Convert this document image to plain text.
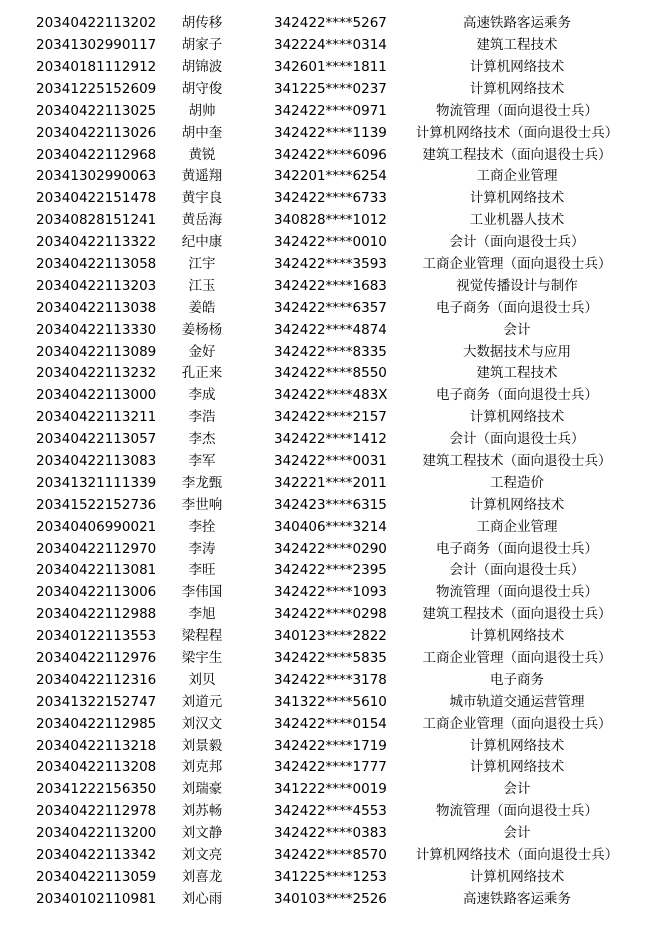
20340422113202	胡传移	342422****5267	高速铁路客运乘务
20341302990117	胡家子	342224****0314	建筑工程技术
20340181112912	胡锦波	342601****1811	计算机网络技术
20341225152609	胡守俊	341225****0237	计算机网络技术
20340422113025	胡帅	342422****0971	物流管理（面向退役士兵）
20340422113026	胡中奎	342422****1139	计算机网络技术（面向退役士兵）
20340422112968	黄锐	342422****6096	建筑工程技术（面向退役士兵）
20341302990063	黄遥翔	342201****6254	工商企业管理
20340422151478	黄宇良	342422****6733	计算机网络技术
20340828151241	黄岳海	340828****1012	工业机器人技术
20340422113322	纪中康	342422****0010	会计（面向退役士兵）
20340422113058	江宇	342422****3593	工商企业管理（面向退役士兵）
20340422113203	江玉	342422****1683	视觉传播设计与制作
20340422113038	姜皓	342422****6357	电子商务（面向退役士兵）
20340422113330	姜杨杨	342422****4874	会计
20340422113089	金好	342422****8335	大数据技术与应用
20340422113232	孔正来	342422****8550	建筑工程技术
20340422113000	李成	342422****483X	电子商务（面向退役士兵）
20340422113211	李浩	342422****2157	计算机网络技术
20340422113057	李杰	342422****1412	会计（面向退役士兵）
20340422113083	李军	342422****0031	建筑工程技术（面向退役士兵）
20341321111339	李龙甄	342221****2011	工程造价
20341522152736	李世响	342423****6315	计算机网络技术
20340406990021	李拴	340406****3214	工商企业管理
20340422112970	李涛	342422****0290	电子商务（面向退役士兵）
20340422113081	李旺	342422****2395	会计（面向退役士兵）
20340422113006	李伟国	342422****1093	物流管理（面向退役士兵）
20340422112988	李旭	342422****0298	建筑工程技术（面向退役士兵）
20340122113553	梁程程	340123****2822	计算机网络技术
20340422112976	梁宇生	342422****5835	工商企业管理（面向退役士兵）
20340422112316	刘贝	342422****3178	电子商务
20341322152747	刘道元	341322****5610	城市轨道交通运营管理
20340422112985	刘汉文	342422****0154	工商企业管理（面向退役士兵）
20340422113218	刘景毅	342422****1719	计算机网络技术
20340422113208	刘克邦	342422****1777	计算机网络技术
20341222156350	刘瑞豪	341222****0019	会计
20340422112978	刘苏畅	342422****4553	物流管理（面向退役士兵）
20340422113200	刘文静	342422****0383	会计
20340422113342	刘文亮	342422****8570	计算机网络技术（面向退役士兵）
20340422113059	刘喜龙	341225****1253	计算机网络技术
20340102110981	刘心雨	340103****2526	高速铁路客运乘务
